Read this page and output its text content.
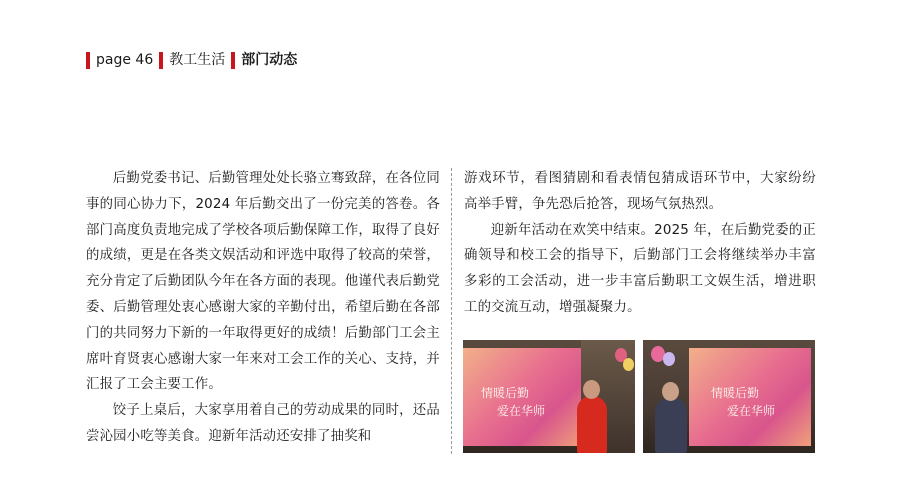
page 46 教工生活 部门动态

后勤党委书记、后勤管理处处长骆立骞致辞，在各位同事的同心协力下，2024 年后勤交出了一份完美的答卷。各部门高度负责地完成了学校各项后勤保障工作，取得了良好的成绩，更是在各类文娱活动和评选中取得了较高的荣誉，充分肯定了后勤团队今年在各方面的表现。他谨代表后勤党委、后勤管理处衷心感谢大家的辛勤付出，希望后勤在各部门的共同努力下新的一年取得更好的成绩！后勤部门工会主席叶育贤衷心感谢大家一年来对工会工作的关心、支持，并汇报了工会主要工作。

饺子上桌后，大家享用着自己的劳动成果的同时，还品尝沁园小吃等美食。迎新年活动还安排了抽奖和

游戏环节，看图猜剧和看表情包猜成语环节中，大家纷纷高举手臂，争先恐后抢答，现场气氛热烈。

迎新年活动在欢笑中结束。2025 年，在后勤党委的正确领导和校工会的指导下，后勤部门工会将继续举办丰富多彩的工会活动，进一步丰富后勤职工文娱生活，增进职工的交流互动，增强凝聚力。

情暖后勤
爱在华师
情暖后勤
爱在华师
